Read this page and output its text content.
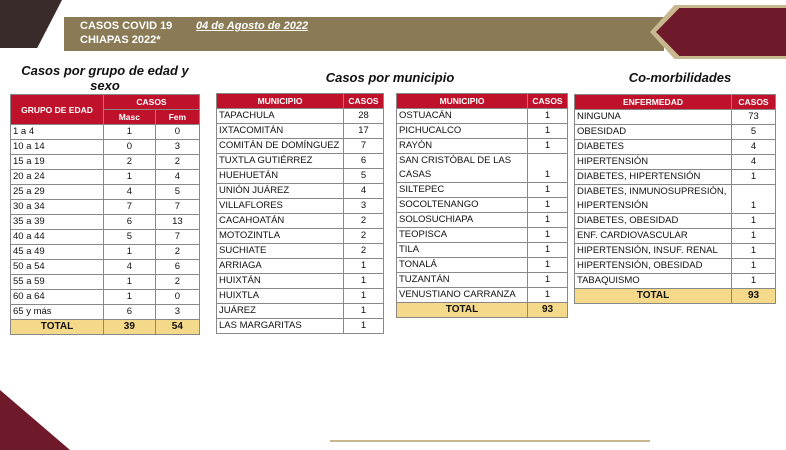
CASOS COVID 19 04 de Agosto de 2022
CHIAPAS 2022*
Casos por grupo de edad y sexo
Casos por municipio	Co-morbilidades
GRUPO DE EDAD	CASOS	
	Masc	Fem
1 a 4	1	0
10 a 14	0	3
15 a 19	2	2
20 a 24	1	4
25 a 29	4	5
30 a 34	7	7
35 a 39	6	13
40 a 44	5	7
45 a 49	1	2
50 a 54	4	6
55 a 59	1	2
60 a 64	1	0
65 y más	6	3
TOTAL	39	54
MUNICIPIO	CASOS
TAPACHULA	28
IXTACOMITÁN	17
COMITÁN DE DOMÍNGUEZ	7
TUXTLA GUTIÉRREZ	6
HUEHUETÁN	5
UNIÓN JUÁREZ	4
VILLAFLORES	3
CACAHOATÁN	2
MOTOZINTLA	2
SUCHIATE	2
ARRIAGA	1
HUIXTÁN	1
HUIXTLA	1
JUÁREZ	1
LAS MARGARITAS	1
MUNICIPIO	CASOS
OSTUACÁN	1
PICHUCALCO	1
RAYÓN	1
SAN CRISTÓBAL DE LAS CASAS	1
SILTEPEC	1
SOCOLTENANGO	1
SOLOSUCHIAPA	1
TEOPISCA	1
TILA	1
TONALÁ	1
TUZANTÁN	1
VENUSTIANO CARRANZA	1
TOTAL	93
ENFERMEDAD	CASOS
NINGUNA	73
OBESIDAD	5
DIABETES	4
HIPERTENSIÓN	4
DIABETES, HIPERTENSIÓN	1
DIABETES, INMUNOSUPRESIÓN, HIPERTENSIÓN	1
DIABETES, OBESIDAD	1
ENF. CARDIOVASCULAR	1
HIPERTENSIÓN, INSUF. RENAL	1
HIPERTENSIÓN, OBESIDAD	1
TABAQUISMO	1
TOTAL	93
